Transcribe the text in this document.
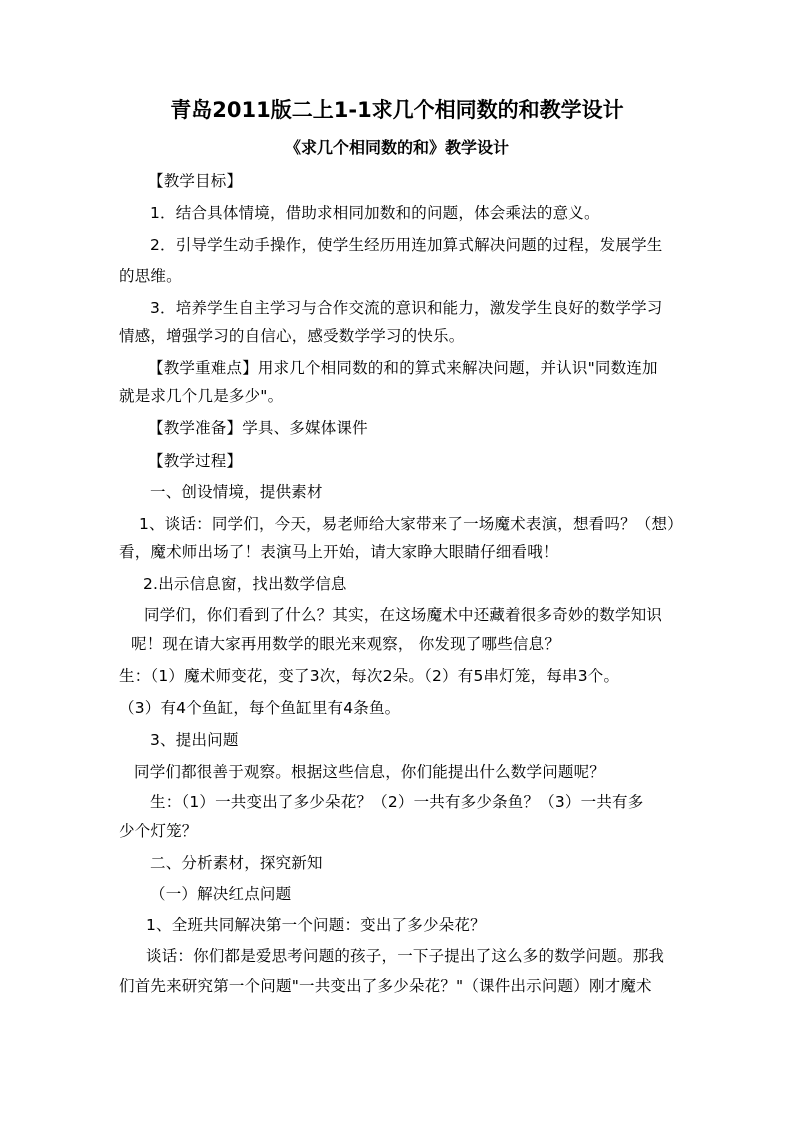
青岛2011版二上1-1求几个相同数的和教学设计
《求几个相同数的和》教学设计
【教学目标】
1．结合具体情境，借助求相同加数和的问题，体会乘法的意义。
2．引导学生动手操作，使学生经历用连加算式解决问题的过程，发展学生
的思维。
3．培养学生自主学习与合作交流的意识和能力，激发学生良好的数学学习
情感，增强学习的自信心，感受数学学习的快乐。
【教学重难点】用求几个相同数的和的算式来解决问题，并认识"同数连加
就是求几个几是多少"。
【教学准备】学具、多媒体课件
【教学过程】
一、创设情境，提供素材
1、谈话：同学们，今天，易老师给大家带来了一场魔术表演，想看吗？（想）
看，魔术师出场了！表演马上开始，请大家睁大眼睛仔细看哦！
2.出示信息窗，找出数学信息
同学们，你们看到了什么？其实，在这场魔术中还藏着很多奇妙的数学知识
呢！现在请大家再用数学的眼光来观察， 你发现了哪些信息？
生：（1）魔术师变花，变了3次，每次2朵。（2）有5串灯笼，每串3个。
（3）有4个鱼缸，每个鱼缸里有4条鱼。
3、提出问题
同学们都很善于观察。根据这些信息，你们能提出什么数学问题呢？
生：（1）一共变出了多少朵花？（2）一共有多少条鱼？（3）一共有多
少个灯笼？
二、分析素材，探究新知
（一）解决红点问题
1、全班共同解决第一个问题：变出了多少朵花？
谈话：你们都是爱思考问题的孩子，一下子提出了这么多的数学问题。那我
们首先来研究第一个问题"一共变出了多少朵花？"（课件出示问题）刚才魔术
